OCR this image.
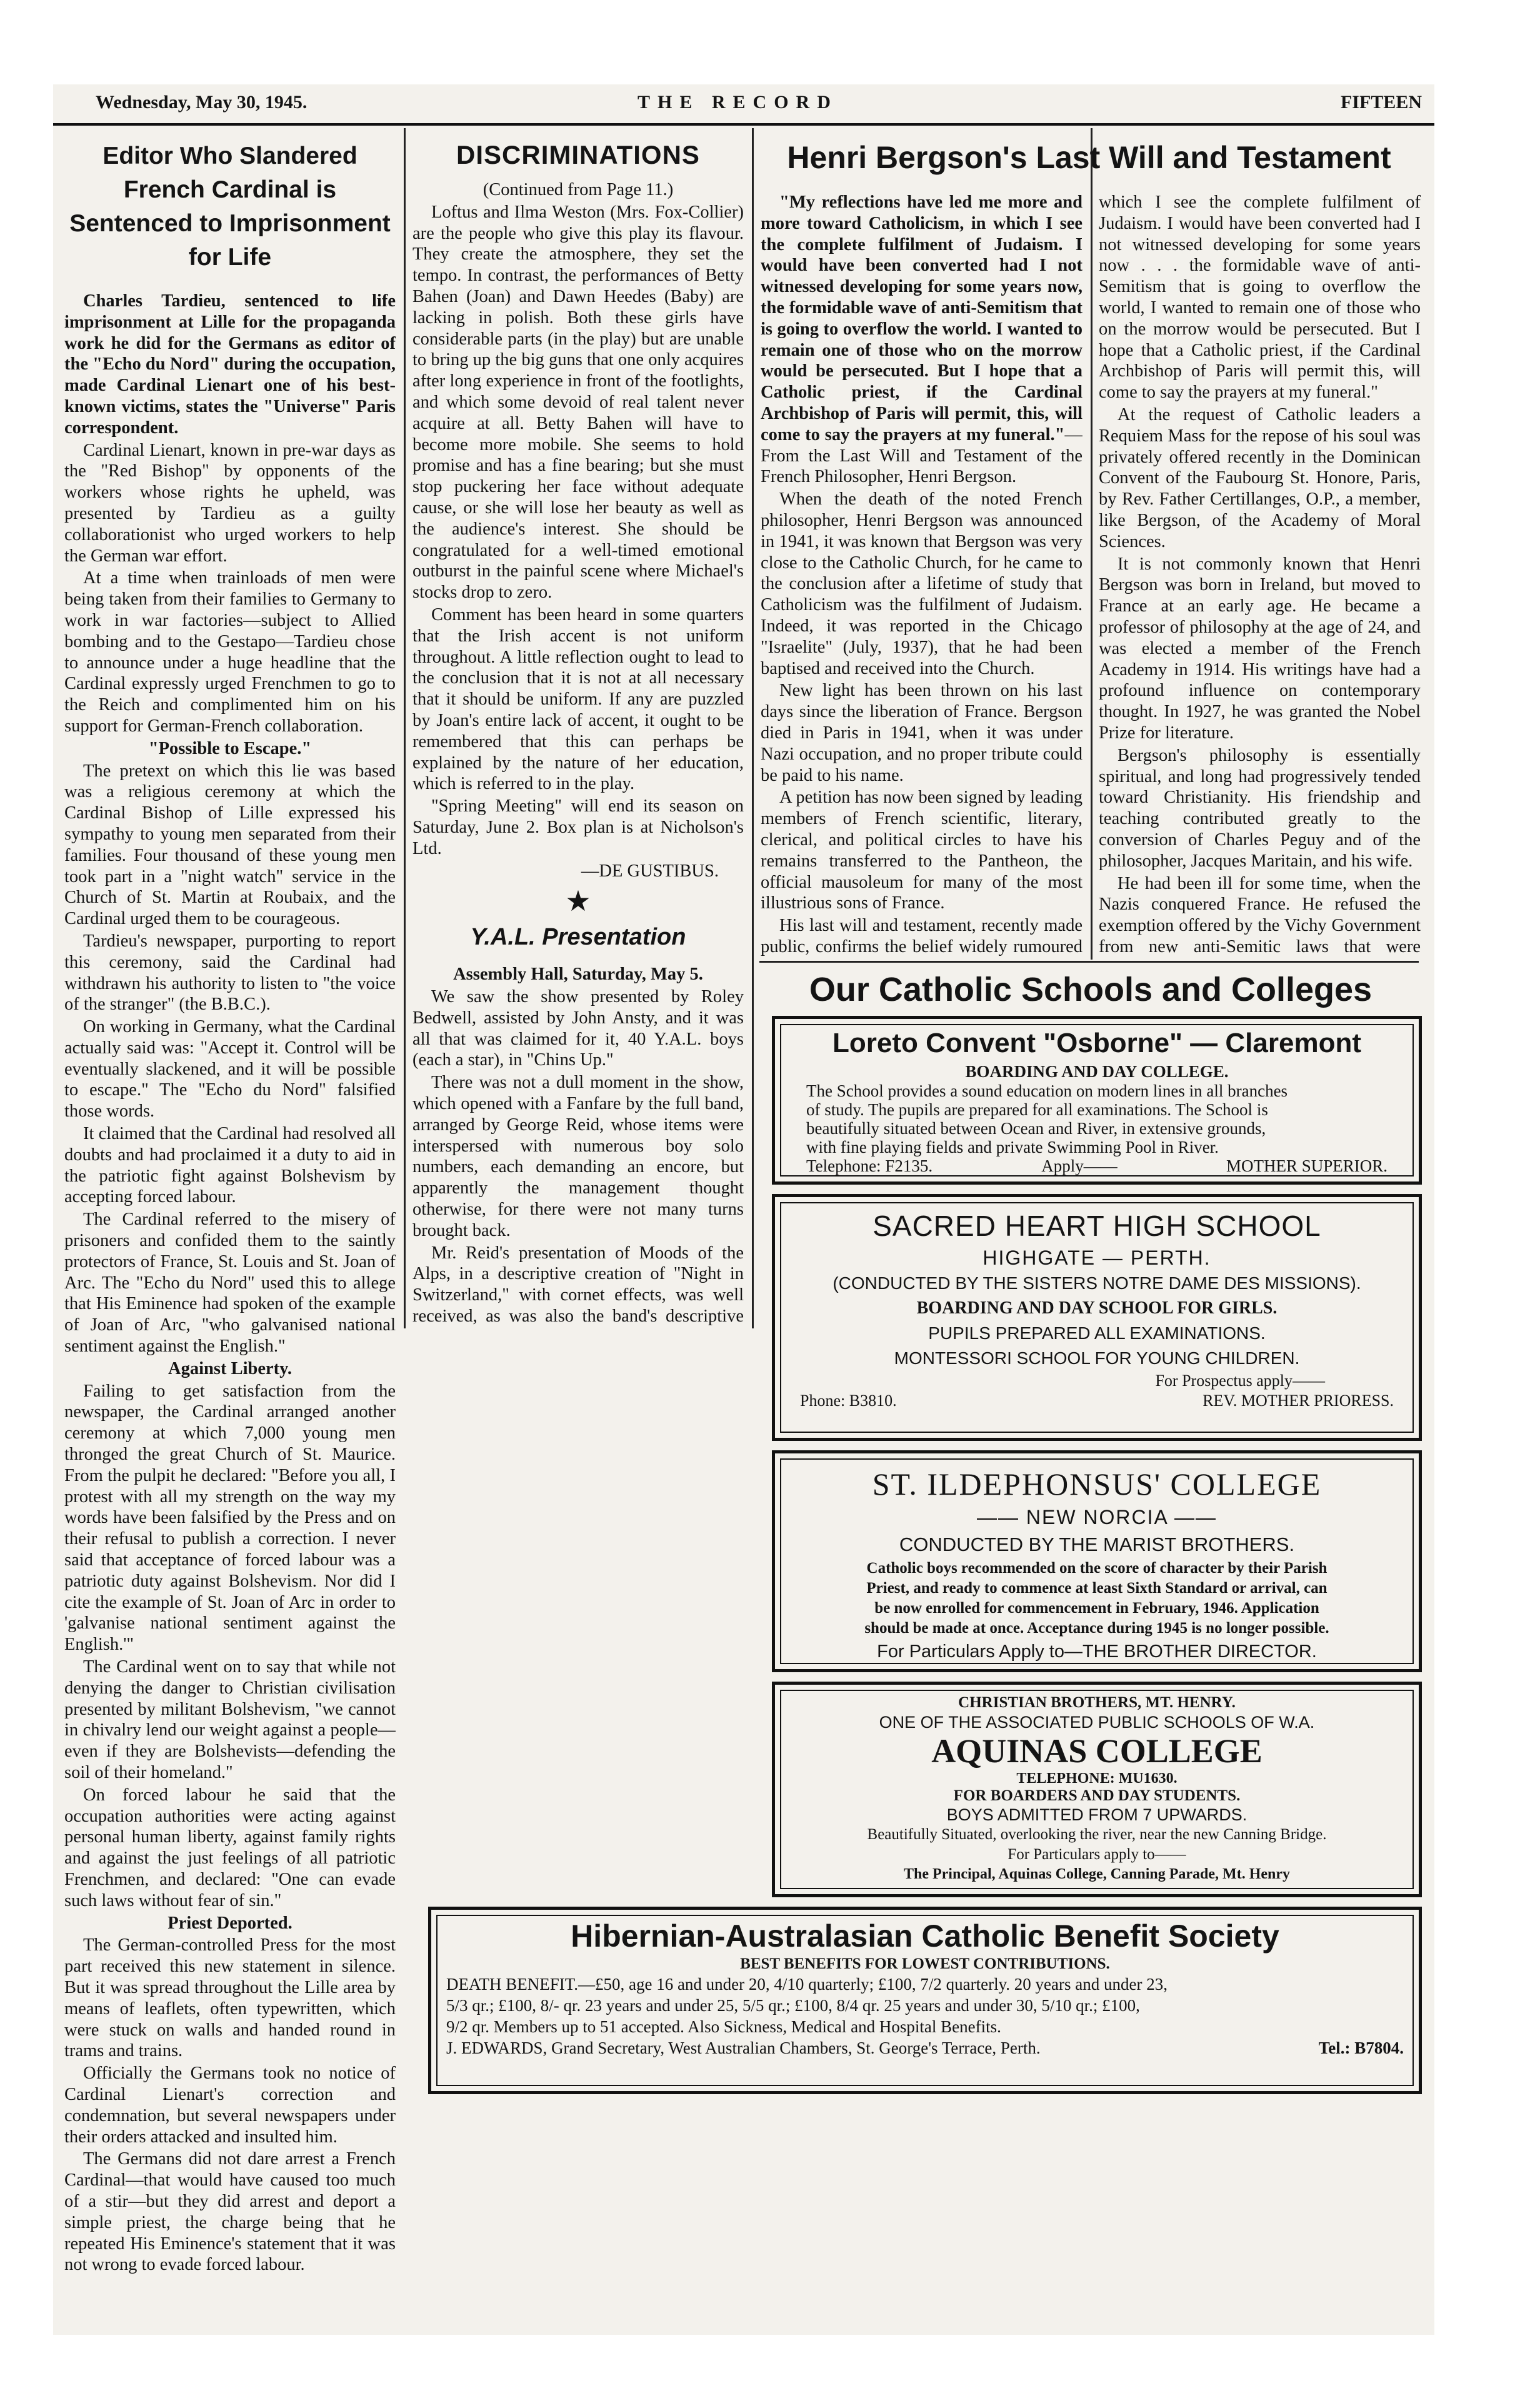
Wednesday, May 30, 1945.	THE RECORD	FIFTEEN
Editor Who Slandered French Cardinal is Sentenced to Imprisonment for Life

Charles Tardieu, sentenced to life imprisonment at Lille for the propaganda work he did for the Germans as editor of the "Echo du Nord" during the occupation, made Cardinal Lienart one of his best-known victims, states the "Universe" Paris correspondent.

Cardinal Lienart, known in pre-war days as the "Red Bishop" by opponents of the workers whose rights he upheld, was presented by Tardieu as a guilty collaborationist who urged workers to help the German war effort.

At a time when trainloads of men were being taken from their families to Germany to work in war factories—subject to Allied bombing and to the Gestapo—Tardieu chose to announce under a huge headline that the Cardinal expressly urged Frenchmen to go to the Reich and complimented him on his support for German-French collaboration.

"Possible to Escape."

The pretext on which this lie was based was a religious ceremony at which the Cardinal Bishop of Lille expressed his sympathy to young men separated from their families. Four thousand of these young men took part in a "night watch" service in the Church of St. Martin at Roubaix, and the Cardinal urged them to be courageous.

Tardieu's newspaper, purporting to report this ceremony, said the Cardinal had withdrawn his authority to listen to "the voice of the stranger" (the B.B.C.).

On working in Germany, what the Cardinal actually said was: "Accept it. Control will be eventually slackened, and it will be possible to escape." The "Echo du Nord" falsified those words.

It claimed that the Cardinal had resolved all doubts and had proclaimed it a duty to aid in the patriotic fight against Bolshevism by accepting forced labour.

The Cardinal referred to the misery of prisoners and confided them to the saintly protectors of France, St. Louis and St. Joan of Arc. The "Echo du Nord" used this to allege that His Eminence had spoken of the example of Joan of Arc, "who galvanised national sentiment against the English."

Against Liberty.

Failing to get satisfaction from the newspaper, the Cardinal arranged another ceremony at which 7,000 young men thronged the great Church of St. Maurice. From the pulpit he declared: "Before you all, I protest with all my strength on the way my words have been falsified by the Press and on their refusal to publish a correction. I never said that acceptance of forced labour was a patriotic duty against Bolshevism. Nor did I cite the example of St. Joan of Arc in order to 'galvanise national sentiment against the English.'"

The Cardinal went on to say that while not denying the danger to Christian civilisation presented by militant Bolshevism, "we cannot in chivalry lend our weight against a people—even if they are Bolshevists—defending the soil of their homeland."

On forced labour he said that the occupation authorities were acting against personal human liberty, against family rights and against the just feelings of all patriotic Frenchmen, and declared: "One can evade such laws without fear of sin."

Priest Deported.

The German-controlled Press for the most part received this new statement in silence. But it was spread throughout the Lille area by means of leaflets, often typewritten, which were stuck on walls and handed round in trams and trains.

Officially the Germans took no notice of Cardinal Lienart's correction and condemnation, but several newspapers under their orders attacked and insulted him.

The Germans did not dare arrest a French Cardinal—that would have caused too much of a stir—but they did arrest and deport a simple priest, the charge being that he repeated His Eminence's statement that it was not wrong to evade forced labour.

DISCRIMINATIONS

(Continued from Page 11.)

Loftus and Ilma Weston (Mrs. Fox-Collier) are the people who give this play its flavour. They create the atmosphere, they set the tempo. In contrast, the performances of Betty Bahen (Joan) and Dawn Heedes (Baby) are lacking in polish. Both these girls have considerable parts (in the play) but are unable to bring up the big guns that one only acquires after long experience in front of the footlights, and which some devoid of real talent never acquire at all. Betty Bahen will have to become more mobile. She seems to hold promise and has a fine bearing; but she must stop puckering her face without adequate cause, or she will lose her beauty as well as the audience's interest. She should be congratulated for a well-timed emotional outburst in the painful scene where Michael's stocks drop to zero.

Comment has been heard in some quarters that the Irish accent is not uniform throughout. A little reflection ought to lead to the conclusion that it is not at all necessary that it should be uniform. If any are puzzled by Joan's entire lack of accent, it ought to be remembered that this can perhaps be explained by the nature of her education, which is referred to in the play.

"Spring Meeting" will end its season on Saturday, June 2. Box plan is at Nicholson's Ltd.

—DE GUSTIBUS.

★

Y.A.L. Presentation

Assembly Hall, Saturday, May 5.

We saw the show presented by Roley Bedwell, assisted by John Ansty, and it was all that was claimed for it, 40 Y.A.L. boys (each a star), in "Chins Up."

There was not a dull moment in the show, which opened with a Fanfare by the full band, arranged by George Reid, whose items were interspersed with numerous boy solo numbers, each demanding an encore, but apparently the management thought otherwise, for there were not many turns brought back.

Mr. Reid's presentation of Moods of the Alps, in a descriptive creation of "Night in Switzerland," with cornet effects, was well received, as was also the band's descriptive

Henri Bergson's Last Will and Testament

"My reflections have led me more and more toward Catholicism, in which I see the complete fulfilment of Judaism. I would have been converted had I not witnessed developing for some years now, the formidable wave of anti-Semitism that is going to overflow the world. I wanted to remain one of those who on the morrow would be persecuted. But I hope that a Catholic priest, if the Cardinal Archbishop of Paris will permit, this, will come to say the prayers at my funeral."—From the Last Will and Testament of the French Philosopher, Henri Bergson.

When the death of the noted French philosopher, Henri Bergson was announced in 1941, it was known that Bergson was very close to the Catholic Church, for he came to the conclusion after a lifetime of study that Catholicism was the fulfilment of Judaism. Indeed, it was reported in the Chicago "Israelite" (July, 1937), that he had been baptised and received into the Church.

New light has been thrown on his last days since the liberation of France. Bergson died in Paris in 1941, when it was under Nazi occupation, and no proper tribute could be paid to his name.

A petition has now been signed by leading members of French scientific, literary, clerical, and political circles to have his remains transferred to the Pantheon, the official mausoleum for many of the most illustrious sons of France.

His last will and testament, recently made public, confirms the belief widely rumoured

which I see the complete fulfilment of Judaism. I would have been converted had I not witnessed developing for some years now . . . the formidable wave of anti-Semitism that is going to overflow the world, I wanted to remain one of those who on the morrow would be persecuted. But I hope that a Catholic priest, if the Cardinal Archbishop of Paris will permit this, will come to say the prayers at my funeral."

At the request of Catholic leaders a Requiem Mass for the repose of his soul was privately offered recently in the Dominican Convent of the Faubourg St. Honore, Paris, by Rev. Father Certillanges, O.P., a member, like Bergson, of the Academy of Moral Sciences.

It is not commonly known that Henri Bergson was born in Ireland, but moved to France at an early age. He became a professor of philosophy at the age of 24, and was elected a member of the French Academy in 1914. His writings have had a profound influence on contemporary thought. In 1927, he was granted the Nobel Prize for literature.

Bergson's philosophy is essentially spiritual, and long had progressively tended toward Christianity. His friendship and teaching contributed greatly to the conversion of Charles Peguy and of the philosopher, Jacques Maritain, and his wife.

He had been ill for some time, when the Nazis conquered France. He refused the exemption offered by the Vichy Government from new anti-Semitic laws that were

Our Catholic Schools and Colleges
Loreto Convent "Osborne" — Claremont
BOARDING AND DAY COLLEGE.
The School provides a sound education on modern lines in all branches
of study. The pupils are prepared for all examinations. The School is
beautifully situated between Ocean and River, in extensive grounds,
with fine playing fields and private Swimming Pool in River.
Telephone: F2135.	Apply——	MOTHER SUPERIOR.
SACRED HEART HIGH SCHOOL
HIGHGATE — PERTH.
(CONDUCTED BY THE SISTERS NOTRE DAME DES MISSIONS).
BOARDING AND DAY SCHOOL FOR GIRLS.
PUPILS PREPARED ALL EXAMINATIONS.
MONTESSORI SCHOOL FOR YOUNG CHILDREN.
For Prospectus apply——
Phone: B3810.	REV. MOTHER PRIORESS.
ST. ILDEPHONSUS' COLLEGE
—— NEW NORCIA ——
CONDUCTED BY THE MARIST BROTHERS.
Catholic boys recommended on the score of character by their Parish
Priest, and ready to commence at least Sixth Standard or arrival, can
be now enrolled for commencement in February, 1946. Application
should be made at once. Acceptance during 1945 is no longer possible.
For Particulars Apply to—THE BROTHER DIRECTOR.
CHRISTIAN BROTHERS, MT. HENRY.
ONE OF THE ASSOCIATED PUBLIC SCHOOLS OF W.A.
AQUINAS COLLEGE
TELEPHONE: MU1630.
FOR BOARDERS AND DAY STUDENTS.
BOYS ADMITTED FROM 7 UPWARDS.
Beautifully Situated, overlooking the river, near the new Canning Bridge.
For Particulars apply to——
The Principal, Aquinas College, Canning Parade, Mt. Henry
Hibernian-Australasian Catholic Benefit Society
BEST BENEFITS FOR LOWEST CONTRIBUTIONS.
DEATH BENEFIT.—£50, age 16 and under 20, 4/10 quarterly; £100, 7/2 quarterly. 20 years and under 23,
5/3 qr.; £100, 8/- qr. 23 years and under 25, 5/5 qr.; £100, 8/4 qr. 25 years and under 30, 5/10 qr.; £100,
9/2 qr. Members up to 51 accepted. Also Sickness, Medical and Hospital Benefits.
J. EDWARDS, Grand Secretary, West Australian Chambers, St. George's Terrace, Perth.	Tel.: B7804.
